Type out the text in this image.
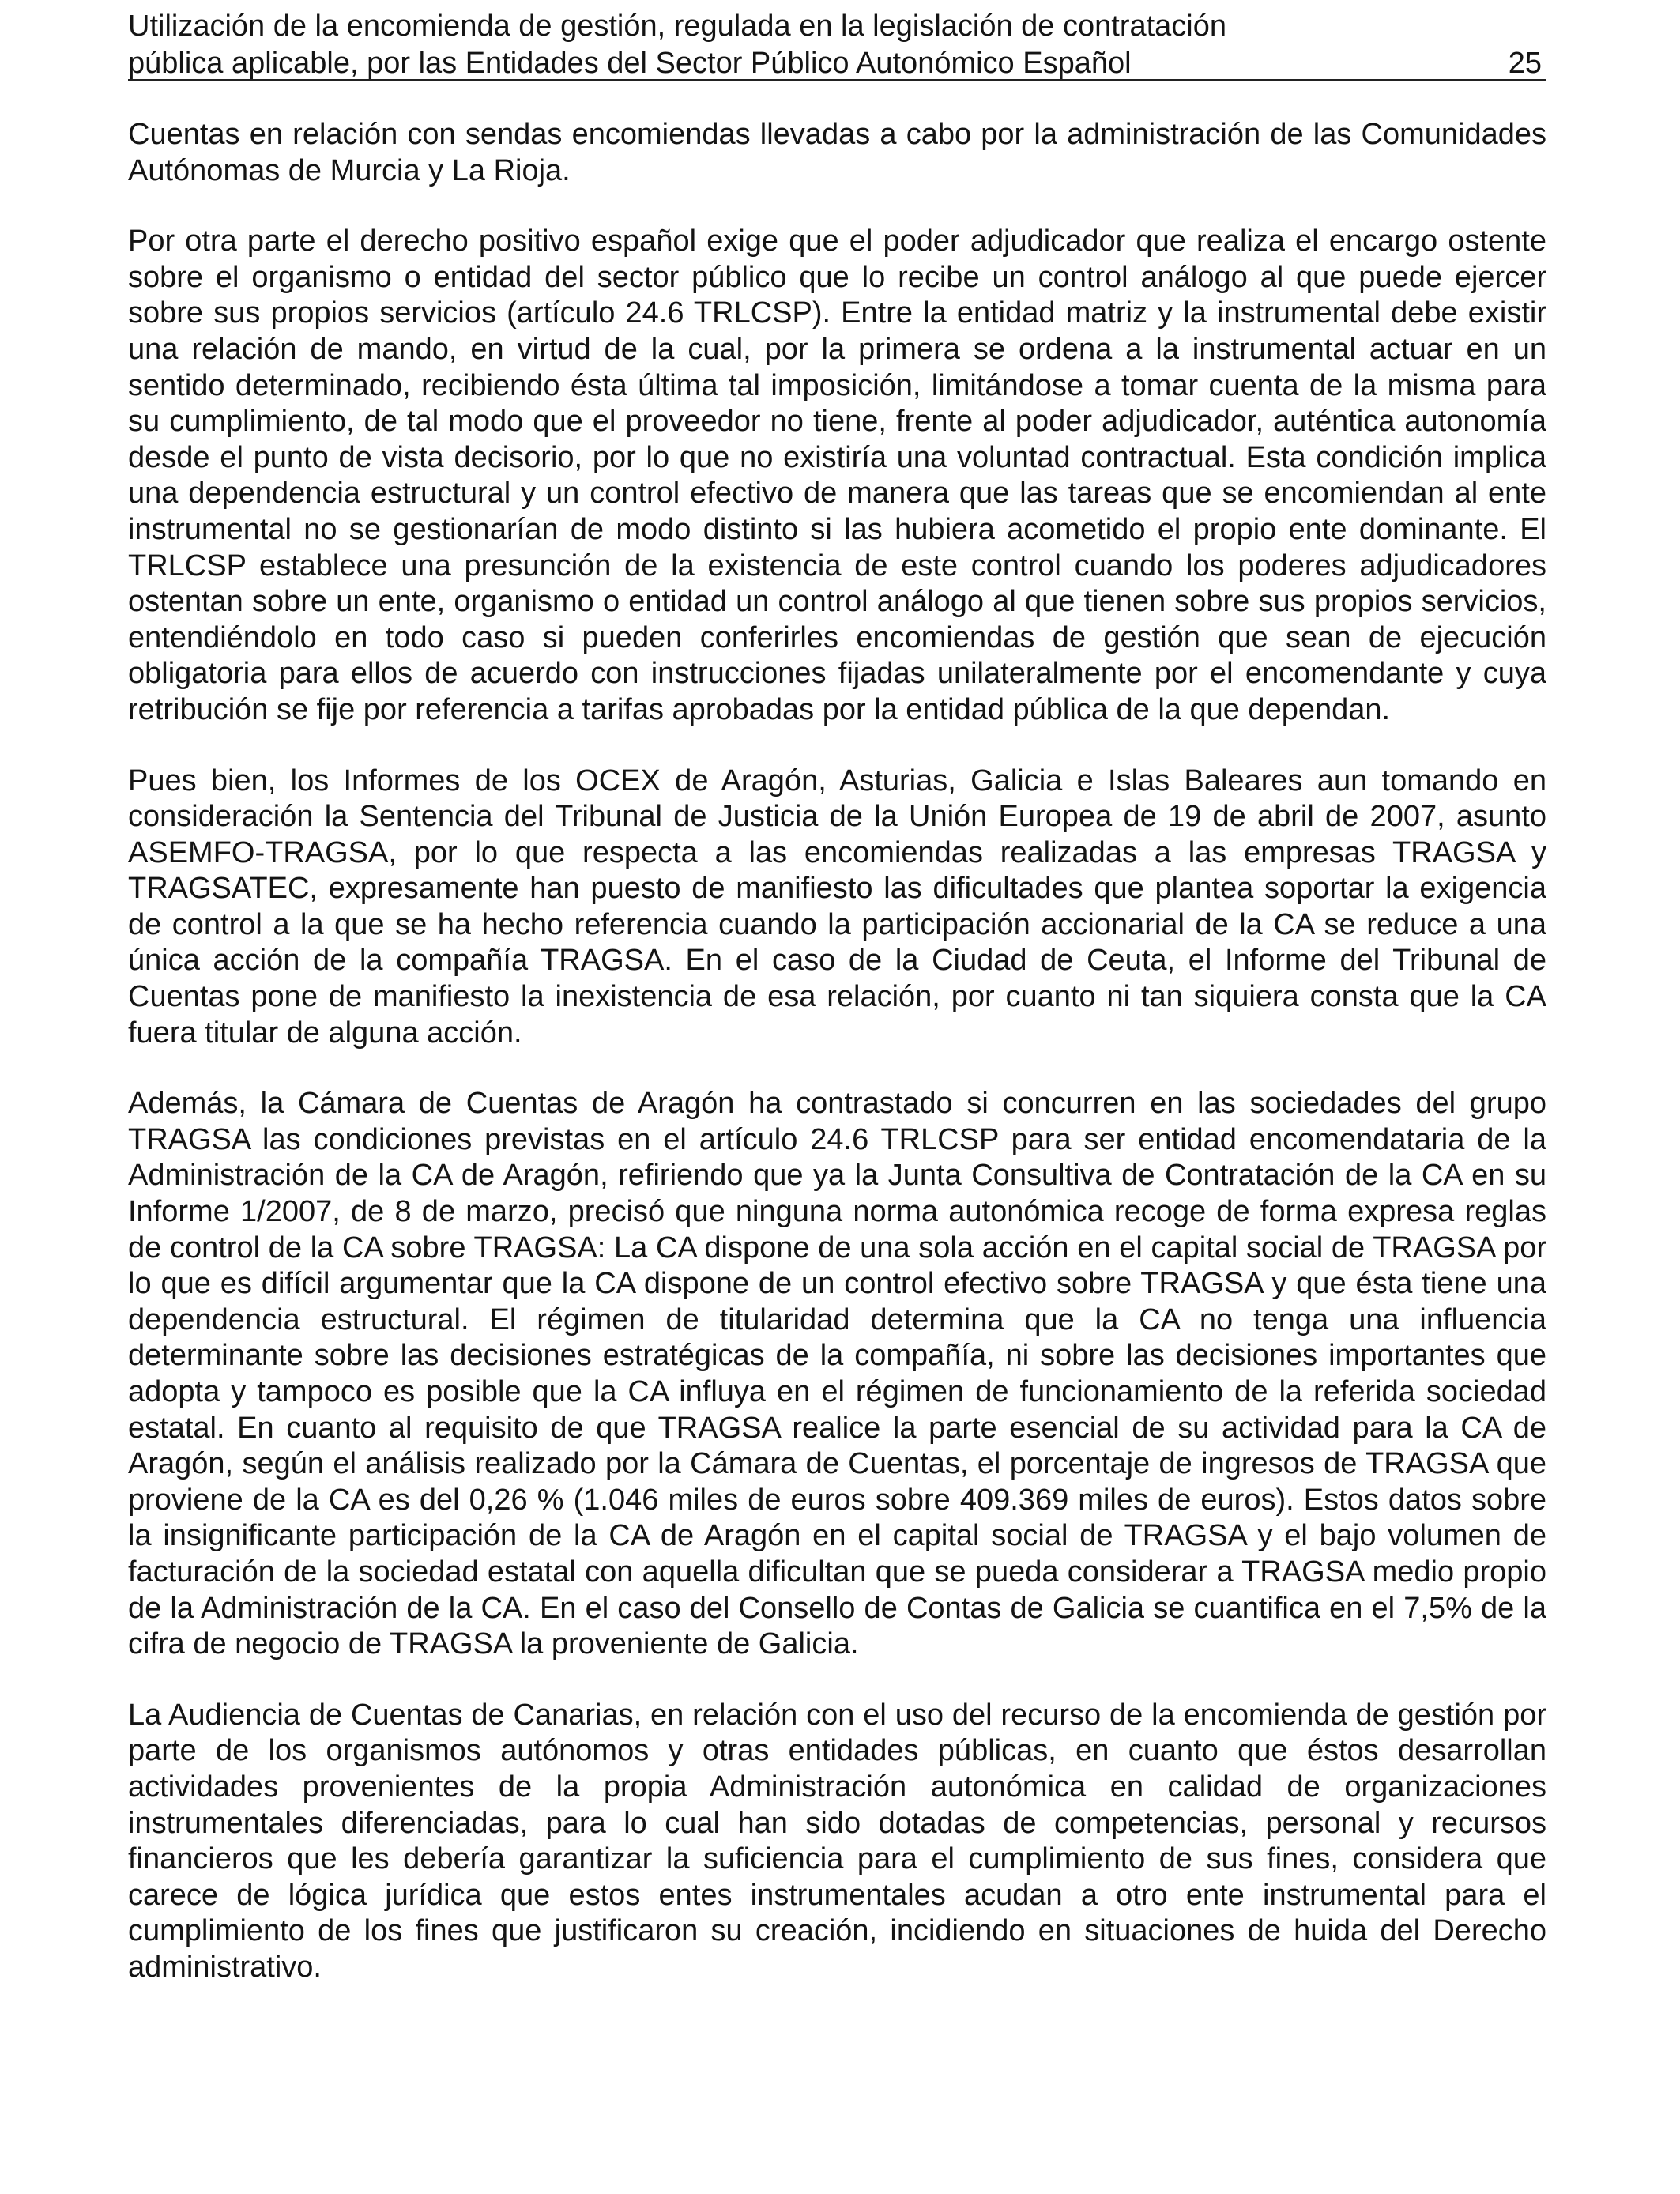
Utilización de la encomienda de gestión, regulada en la legislación de contratación
pública aplicable, por las Entidades del Sector Público Autonómico Español	25

Cuentas en relación con sendas encomiendas llevadas a cabo por la administración de las Comunidades Autónomas de Murcia y La Rioja.

Por otra parte el derecho positivo español exige que el poder adjudicador que realiza el encargo ostente sobre el organismo o entidad del sector público que lo recibe un control análogo al que puede ejercer sobre sus propios servicios (artículo 24.6 TRLCSP). Entre la entidad matriz y la instrumental debe existir una relación de mando, en virtud de la cual, por la primera se ordena a la instrumental actuar en un sentido determinado, recibiendo ésta última tal imposición, limitándose a tomar cuenta de la misma para su cumplimiento, de tal modo que el proveedor no tiene, frente al poder adjudicador, auténtica autonomía desde el punto de vista decisorio, por lo que no existiría una voluntad contractual. Esta condición implica una dependencia estructural y un control efectivo de manera que las tareas que se encomiendan al ente instrumental no se gestionarían de modo distinto si las hubiera acometido el propio ente dominante. El TRLCSP establece una presunción de la existencia de este control cuando los poderes adjudicadores ostentan sobre un ente, organismo o entidad un control análogo al que tienen sobre sus propios servicios, entendiéndolo en todo caso si pueden conferirles encomiendas de gestión que sean de ejecución obligatoria para ellos de acuerdo con instrucciones fijadas unilateralmente por el encomendante y cuya retribución se fije por referencia a tarifas aprobadas por la entidad pública de la que dependan.

Pues bien, los Informes de los OCEX de Aragón, Asturias, Galicia e Islas Baleares aun tomando en consideración la Sentencia del Tribunal de Justicia de la Unión Europea de 19 de abril de 2007, asunto ASEMFO-TRAGSA, por lo que respecta a las encomiendas realizadas a las empresas TRAGSA y TRAGSATEC, expresamente han puesto de manifiesto las dificultades que plantea soportar la exigencia de control a la que se ha hecho referencia cuando la participación accionarial de la CA se reduce a una única acción de la compañía TRAGSA. En el caso de la Ciudad de Ceuta, el Informe del Tribunal de Cuentas pone de manifiesto la inexistencia de esa relación, por cuanto ni tan siquiera consta que la CA fuera titular de alguna acción.

Además, la Cámara de Cuentas de Aragón ha contrastado si concurren en las sociedades del grupo TRAGSA las condiciones previstas en el artículo 24.6 TRLCSP para ser entidad encomendataria de la Administración de la CA de Aragón, refiriendo que ya la Junta Consultiva de Contratación de la CA en su Informe 1/2007, de 8 de marzo, precisó que ninguna norma autonómica recoge de forma expresa reglas de control de la CA sobre TRAGSA: La CA dispone de una sola acción en el capital social de TRAGSA por lo que es difícil argumentar que la CA dispone de un control efectivo sobre TRAGSA y que ésta tiene una dependencia estructural. El régimen de titularidad determina que la CA no tenga una influencia determinante sobre las decisiones estratégicas de la compañía, ni sobre las decisiones importantes que adopta y tampoco es posible que la CA influya en el régimen de funcionamiento de la referida sociedad estatal. En cuanto al requisito de que TRAGSA realice la parte esencial de su actividad para la CA de Aragón, según el análisis realizado por la Cámara de Cuentas, el porcentaje de ingresos de TRAGSA que proviene de la CA es del 0,26 % (1.046 miles de euros sobre 409.369 miles de euros). Estos datos sobre la insignificante participación de la CA de Aragón en el capital social de TRAGSA y el bajo volumen de facturación de la sociedad estatal con aquella dificultan que se pueda considerar a TRAGSA medio propio de la Administración de la CA. En el caso del Consello de Contas de Galicia se cuantifica en el 7,5% de la cifra de negocio de TRAGSA la proveniente de Galicia.

La Audiencia de Cuentas de Canarias, en relación con el uso del recurso de la encomienda de gestión por parte de los organismos autónomos y otras entidades públicas, en cuanto que éstos desarrollan actividades provenientes de la propia Administración autonómica en calidad de organizaciones instrumentales diferenciadas, para lo cual han sido dotadas de competencias, personal y recursos financieros que les debería garantizar la suficiencia para el cumplimiento de sus fines, considera que carece de lógica jurídica que estos entes instrumentales acudan a otro ente instrumental para el cumplimiento de los fines que justificaron su creación, incidiendo en situaciones de huida del Derecho administrativo.
